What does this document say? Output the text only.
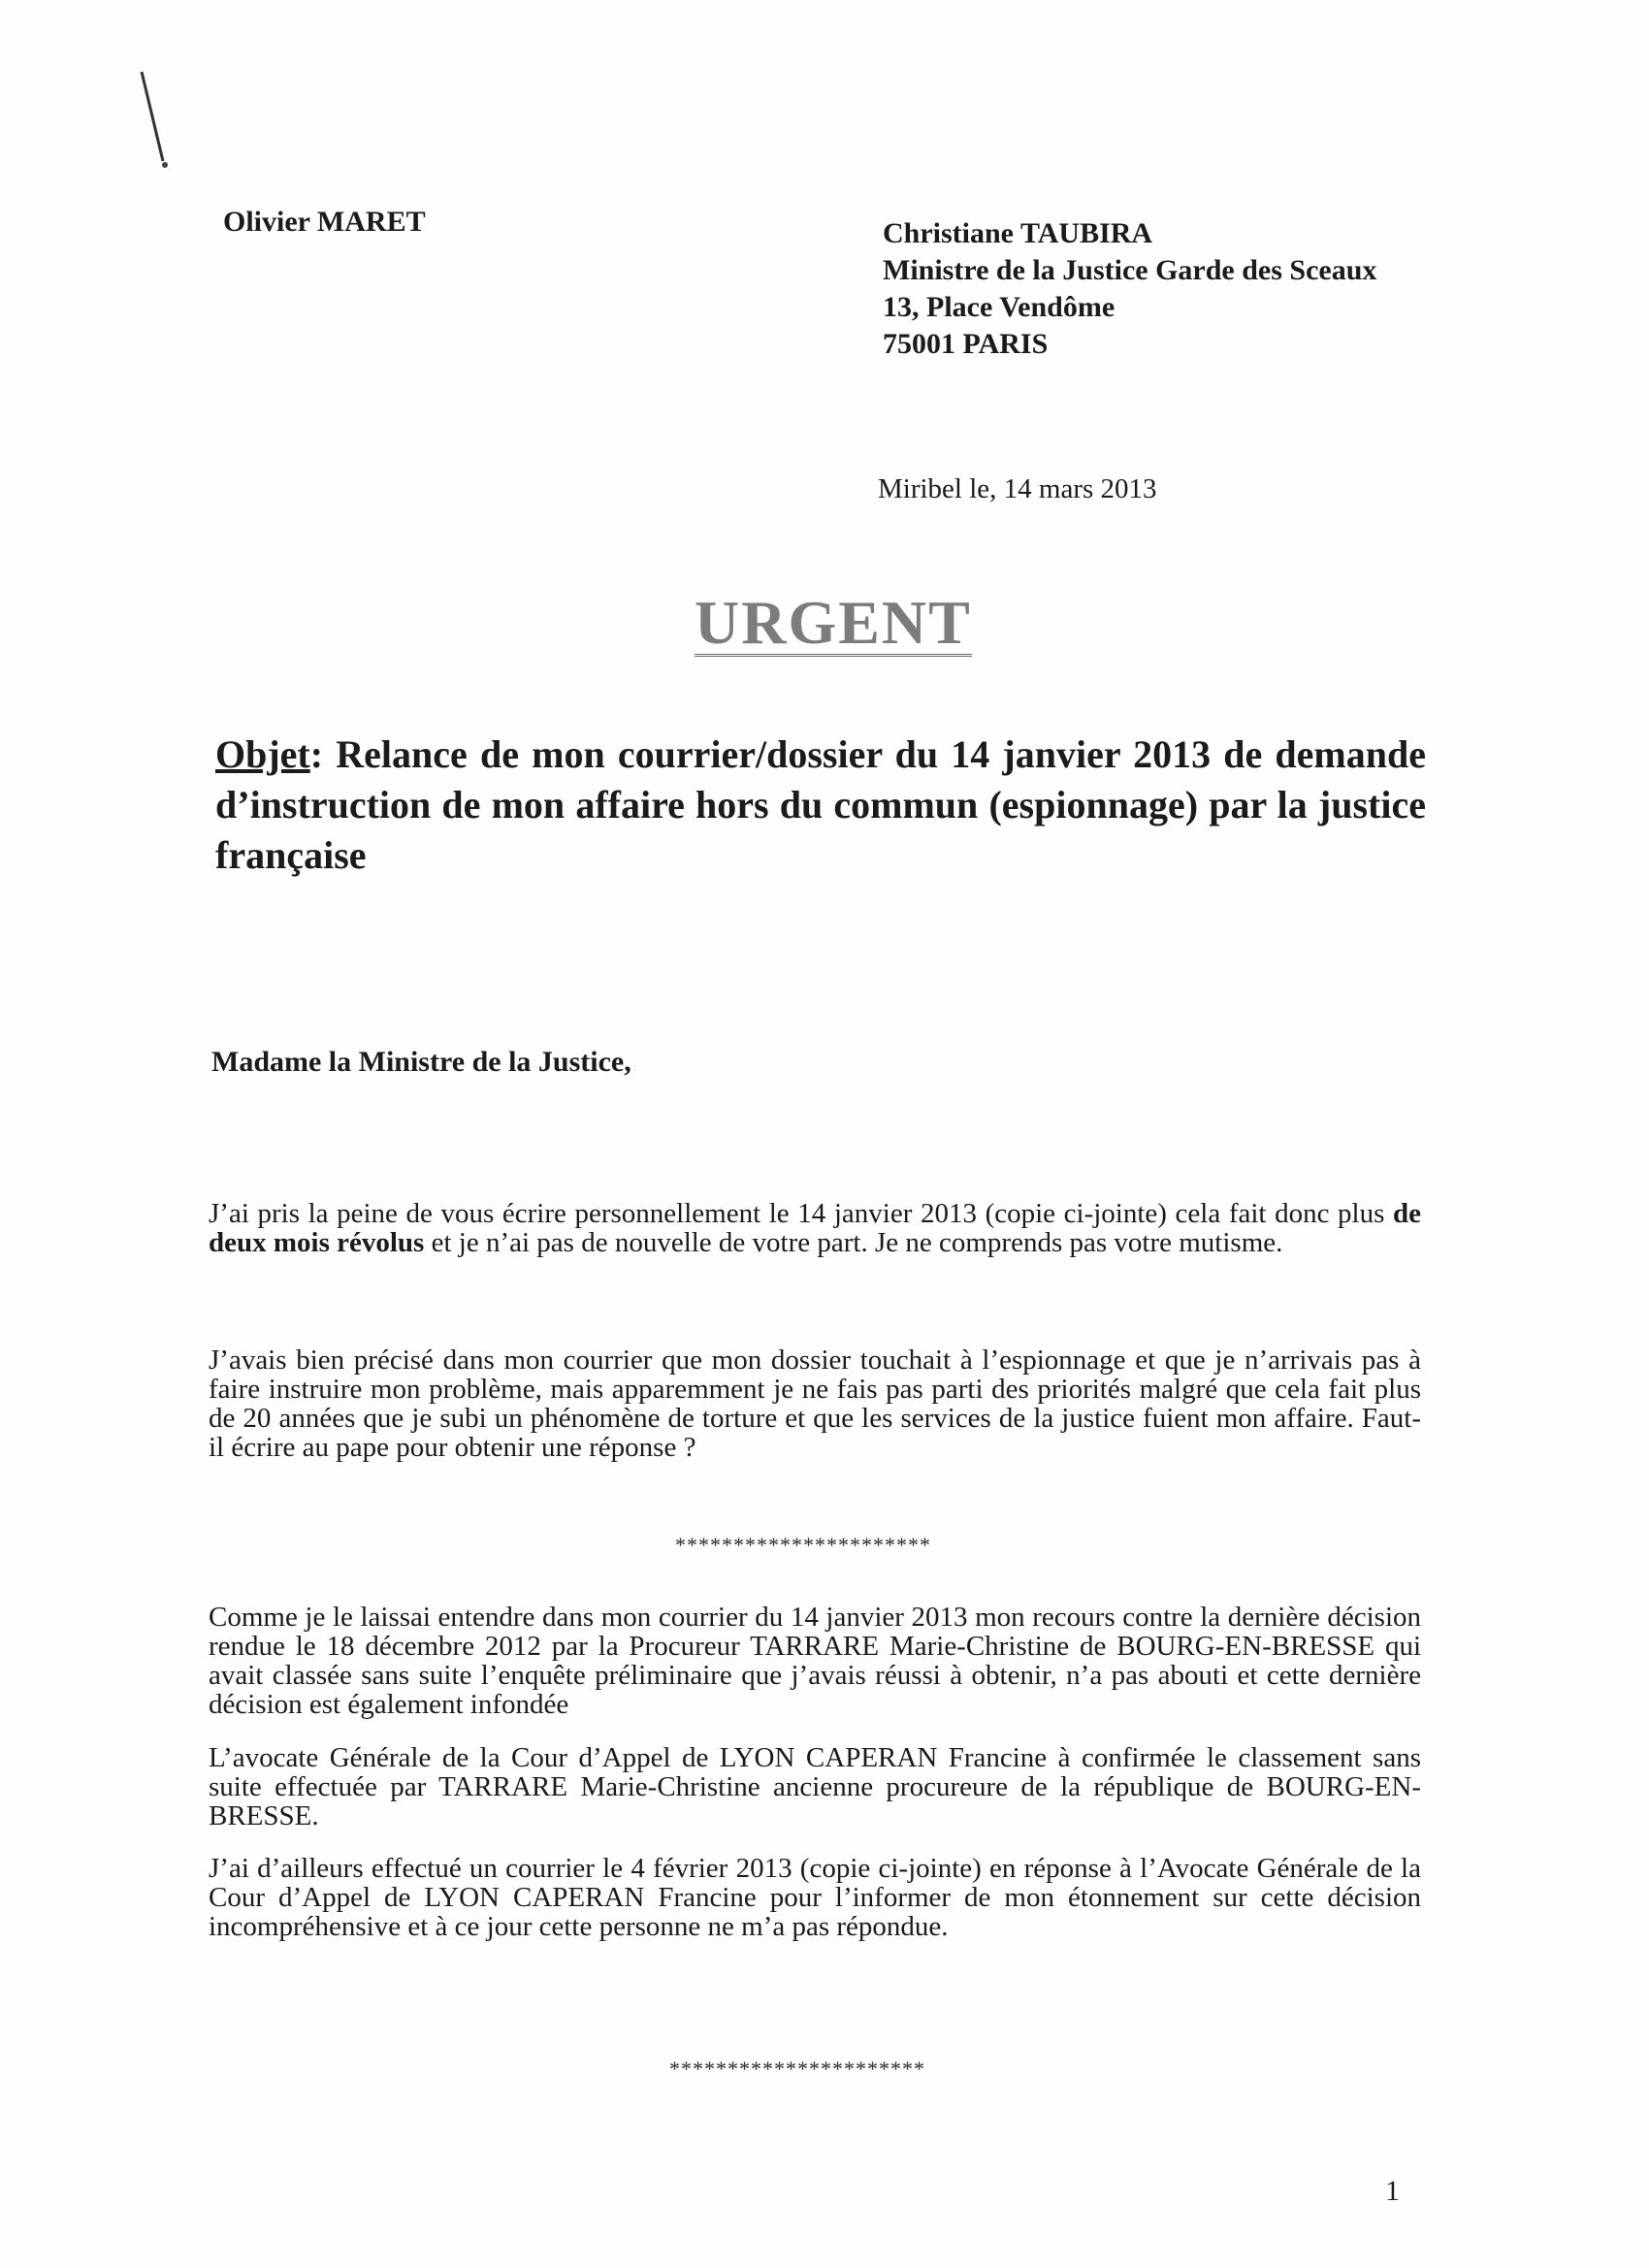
Olivier MARET	Christiane TAUBIRA
Ministre de la Justice Garde des Sceaux
13, Place Vendôme
75001 PARIS
Miribel le, 14 mars 2013
URGENT
Objet: Relance de mon courrier/dossier du 14 janvier 2013 de demande d’instruction de mon affaire hors du commun (espionnage) par la justice française
Madame la Ministre de la Justice,
J’ai pris la peine de vous écrire personnellement le 14 janvier 2013 (copie ci-jointe) cela fait donc plus de deux mois révolus et je n’ai pas de nouvelle de votre part. Je ne comprends pas votre mutisme.
J’avais bien précisé dans mon courrier que mon dossier touchait à l’espionnage et que je n’arrivais pas à faire instruire mon problème, mais apparemment je ne fais pas parti des priorités malgré que cela fait plus de 20 années que je subi un phénomène de torture et que les services de la justice fuient mon affaire. Faut-il écrire au pape pour obtenir une réponse ?
**********************
Comme je le laissai entendre dans mon courrier du 14 janvier 2013 mon recours contre la dernière décision rendue le 18 décembre 2012 par la Procureur TARRARE Marie-Christine de BOURG-EN-BRESSE qui avait classée sans suite l’enquête préliminaire que j’avais réussi à obtenir, n’a pas abouti et cette dernière décision est également infondée
L’avocate Générale de la Cour d’Appel de LYON CAPERAN Francine à confirmée le classement sans suite effectuée par TARRARE Marie-Christine ancienne procureure de la république de BOURG-EN-BRESSE.
J’ai d’ailleurs effectué un courrier le 4 février 2013 (copie ci-jointe) en réponse à l’Avocate Générale de la Cour d’Appel de LYON CAPERAN Francine pour l’informer de mon étonnement sur cette décision incompréhensive et à ce jour cette personne ne m’a pas répondue.
**********************
1
